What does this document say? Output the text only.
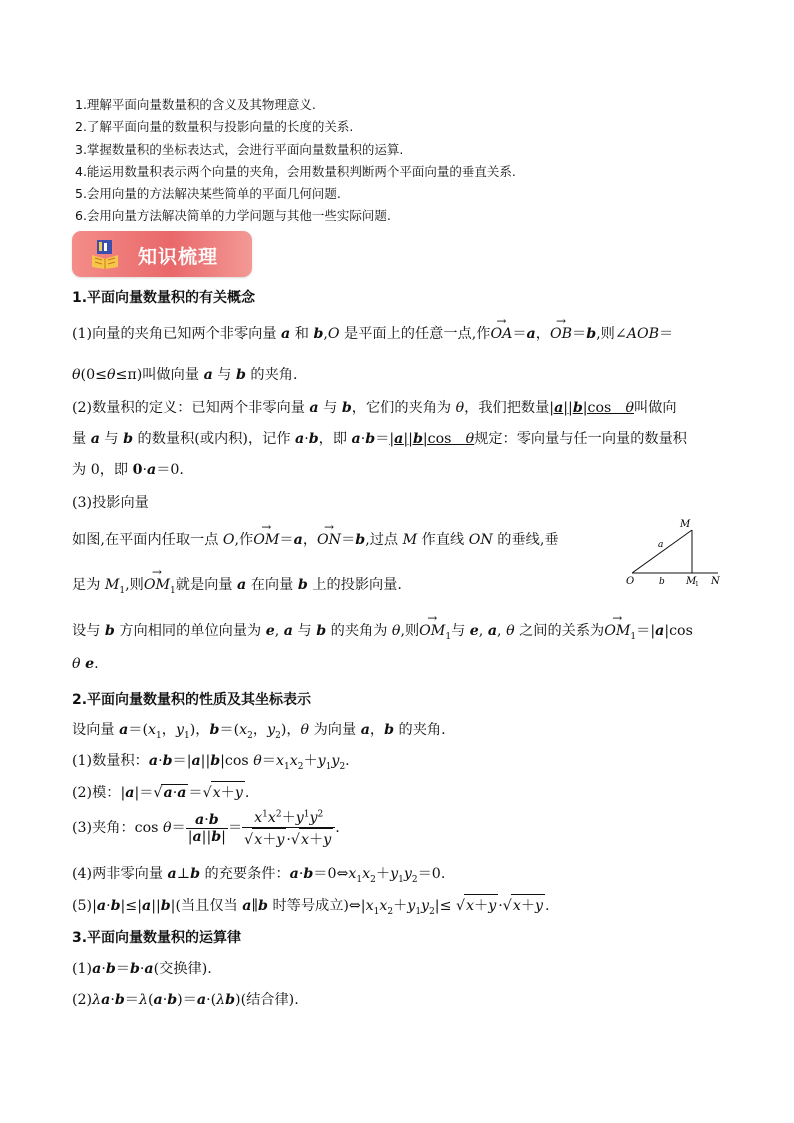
1.理解平面向量数量积的含义及其物理意义.
2.了解平面向量的数量积与投影向量的长度的关系.
3.掌握数量积的坐标表达式，会进行平面向量数量积的运算.
4.能运用数量积表示两个向量的夹角，会用数量积判断两个平面向量的垂直关系.
5.会用向量的方法解决某些简单的平面几何问题.
6.会用向量方法解决简单的力学问题与其他一些实际问题.
知识梳理
1.平面向量数量积的有关概念
(1)向量的夹角已知两个非零向量 a 和 b,O 是平面上的任意一点,作→ OA＝a，→ OB＝b,则∠AOB＝
θ(0≤θ≤π)叫做向量 a 与 b 的夹角.
(2)数量积的定义：已知两个非零向量 a 与 b，它们的夹角为 θ，我们把数量|a||b|cos　θ叫做向
量 a 与 b 的数量积(或内积)，记作 a·b，即 a·b＝|a||b|cos　θ规定：零向量与任一向量的数量积
为 0，即 0·a＝0.
(3)投影向量
如图,在平面内任取一点 O,作→ OM＝a，→ ON＝b,过点 M 作直线 ON 的垂线,垂
足为 $M_1$,则→ $OM_1$就是向量 a 在向量 b 上的投影向量.
设与 b 方向相同的单位向量为 e, a 与 b 的夹角为 θ,则→ $OM_1$与 e, a, θ 之间的关系为→ $OM_1=|a|\cos$
θ e.
2.平面向量数量积的性质及其坐标表示
设向量 $a=(x_1$，$y_1$)，$b=(x_2$，$y_2$)，θ 为向量 a，b 的夹角.
(1)数量积：a·b＝|a||b|cos $\theta=x_1x_2+y_1y_2$.
(2)模：|a|＝√a·a ＝√x＋y .
(3)夹角：$\cos \theta= \frac{a\cdot b}{|a||b|} = \frac{x^1x^2+y^1y^2}{√x+y \cdot√x+y}$ .
(4)两非零向量 a⊥b 的充要条件：$a\cdot b=0\Leftrightarrow x_1x_2+y_1y_2=0$.
(5)|a·b|≤|a||b|(当且仅当 a∥b 时等号成立)$\Leftrightarrow|x_1x_2+y_1y_2|\le √x+y \cdot√x+y$ .
3.平面向量数量积的运算律
(1)a·b＝b·a(交换律).
(2)λa·b＝λ(a·b)＝a·(λb)(结合律).
M
a
O	b M
1 N
